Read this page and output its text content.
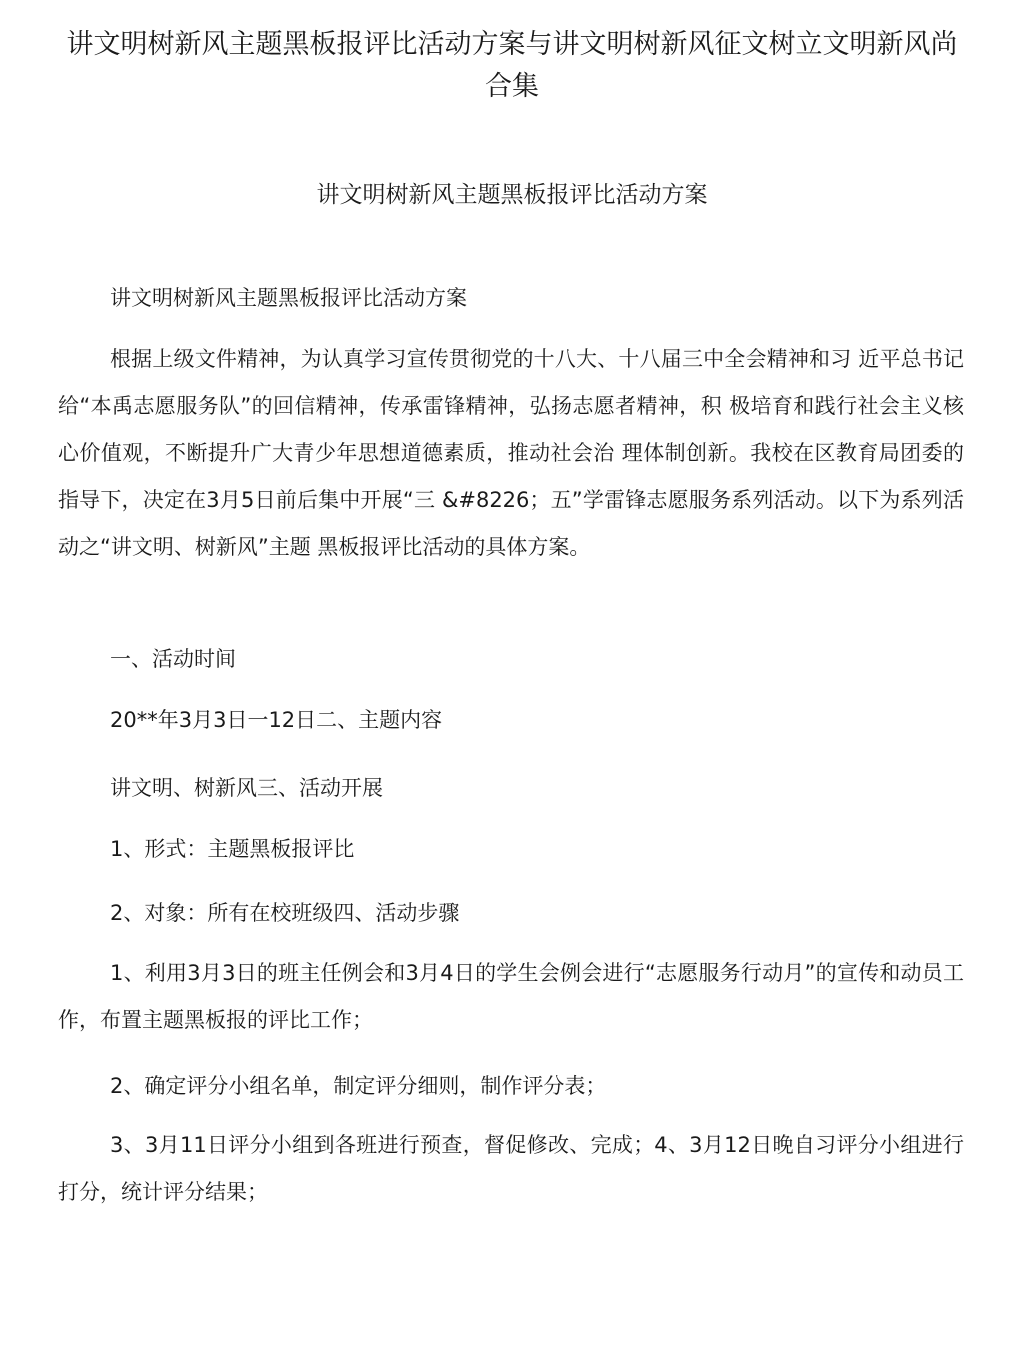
讲文明树新风主题黑板报评比活动方案与讲文明树新风征文树立文明新风尚合集
讲文明树新风主题黑板报评比活动方案

讲文明树新风主题黑板报评比活动方案

根据上级文件精神，为认真学习宣传贯彻党的十八大、十八届三中全会精神和习 近平总书记给“本禹志愿服务队”的回信精神，传承雷锋精神，弘扬志愿者精神，积 极培育和践行社会主义核心价值观，不断提升广大青少年思想道德素质，推动社会治 理体制创新。我校在区教育局团委的指导下，决定在3月5日前后集中开展“三 &#8226；五”学雷锋志愿服务系列活动。以下为系列活动之“讲文明、树新风”主题 黑板报评比活动的具体方案。

一、活动时间

20**年3月3日一12日二、主题内容

讲文明、树新风三、活动开展

1、形式：主题黑板报评比

2、对象：所有在校班级四、活动步骤

1、利用3月3日的班主任例会和3月4日的学生会例会进行“志愿服务行动月”的宣传和动员工作，布置主题黑板报的评比工作；

2、确定评分小组名单，制定评分细则，制作评分表；

3、3月11日评分小组到各班进行预查，督促修改、完成；4、3月12日晚自习评分小组进行打分，统计评分结果；
